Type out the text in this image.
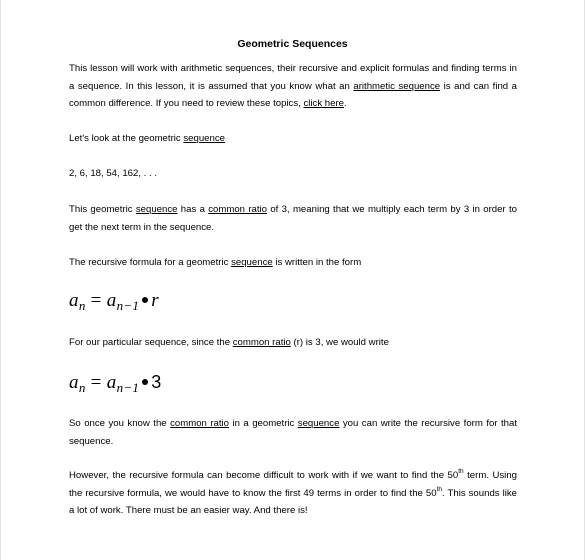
Geometric Sequences
This lesson will work with arithmetic sequences, their recursive and explicit formulas and finding terms in a sequence. In this lesson, it is assumed that you know what an arithmetic sequence is and can find a common difference. If you need to review these topics, click here.
Let's look at the geometric sequence
2, 6, 18, 54, 162, . . .
This geometric sequence has a common ratio of 3, meaning that we multiply each term by 3 in order to get the next term in the sequence.
The recursive formula for a geometric sequence is written in the form
$a_n = a_{n-1}$ r
For our particular sequence, since the common ratio (r) is 3, we would write
$a_n = a_{n-1}$ 3
So once you know the common ratio in a geometric sequence you can write the recursive form for that sequence.
However, the recursive formula can become difficult to work with if we want to find the 50th term. Using the recursive formula, we would have to know the first 49 terms in order to find the 50th. This sounds like a lot of work. There must be an easier way. And there is!
